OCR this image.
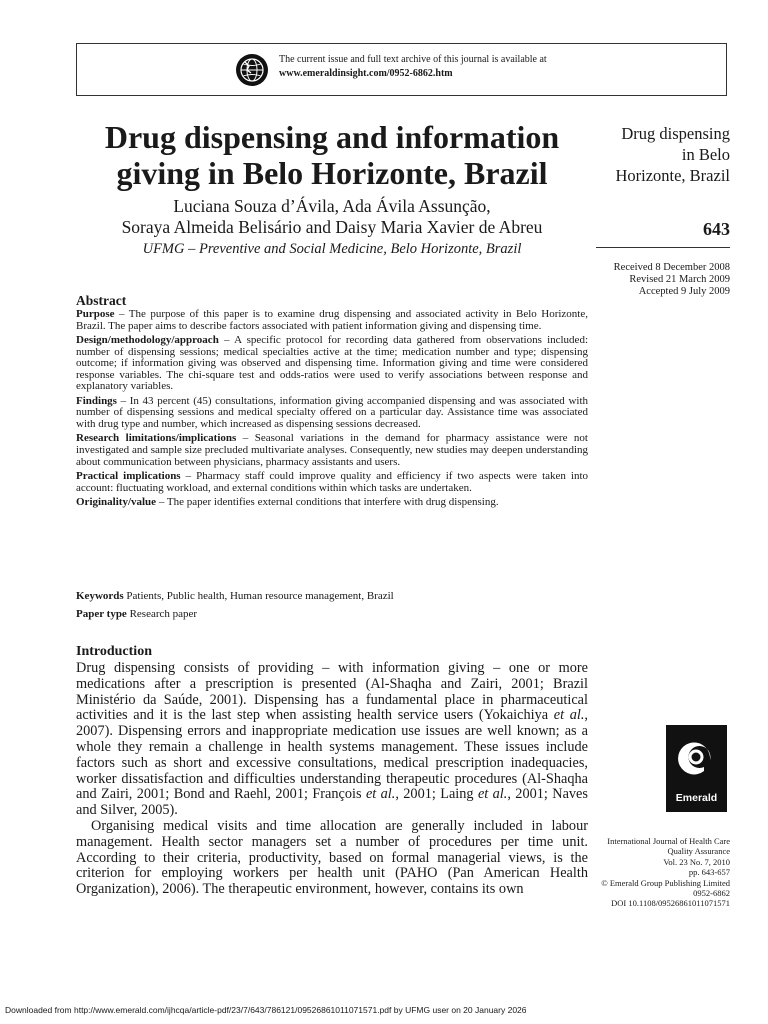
The current issue and full text archive of this journal is available at
www.emeraldinsight.com/0952-6862.htm
Drug dispensing and information
giving in Belo Horizonte, Brazil
Luciana Souza d’Ávila, Ada Ávila Assunção,
Soraya Almeida Belisário and Daisy Maria Xavier de Abreu
UFMG – Preventive and Social Medicine, Belo Horizonte, Brazil
Drug dispensing
in Belo
Horizonte, Brazil
643
Received 8 December 2008
Revised 21 March 2009
Accepted 9 July 2009
Abstract

Purpose – The purpose of this paper is to examine drug dispensing and associated activity in Belo Horizonte, Brazil. The paper aims to describe factors associated with patient information giving and dispensing time.

Design/methodology/approach – A specific protocol for recording data gathered from observations included: number of dispensing sessions; medical specialties active at the time; medication number and type; dispensing outcome; if information giving was observed and dispensing time. Information giving and time were considered response variables. The chi-square test and odds-ratios were used to verify associations between response and explanatory variables.

Findings – In 43 percent (45) consultations, information giving accompanied dispensing and was associated with number of dispensing sessions and medical specialty offered on a particular day. Assistance time was associated with drug type and number, which increased as dispensing sessions decreased.

Research limitations/implications – Seasonal variations in the demand for pharmacy assistance were not investigated and sample size precluded multivariate analyses. Consequently, new studies may deepen understanding about communication between physicians, pharmacy assistants and users.

Practical implications – Pharmacy staff could improve quality and efficiency if two aspects were taken into account: fluctuating workload, and external conditions within which tasks are undertaken.

Originality/value – The paper identifies external conditions that interfere with drug dispensing.

Keywords Patients, Public health, Human resource management, Brazil

Paper type Research paper

Introduction

Drug dispensing consists of providing – with information giving – one or more medications after a prescription is presented (Al-Shaqha and Zairi, 2001; Brazil Ministério da Saúde, 2001). Dispensing has a fundamental place in pharmaceutical activities and it is the last step when assisting health service users (Yokaichiya et al., 2007). Dispensing errors and inappropriate medication use issues are well known; as a whole they remain a challenge in health systems management. These issues include factors such as short and excessive consultations, medical prescription inadequacies, worker dissatisfaction and difficulties understanding therapeutic procedures (Al-Shaqha and Zairi, 2001; Bond and Raehl, 2001; François et al., 2001; Laing et al., 2001; Naves and Silver, 2005).

Organising medical visits and time allocation are generally included in labour management. Health sector managers set a number of procedures per time unit. According to their criteria, productivity, based on formal managerial views, is the criterion for employing workers per health unit (PAHO (Pan American Health Organization), 2006). The therapeutic environment, however, contains its own

Emerald
International Journal of Health Care
Quality Assurance
Vol. 23 No. 7, 2010
pp. 643-657
© Emerald Group Publishing Limited
0952-6862
DOI 10.1108/09526861011071571
Downloaded from http://www.emerald.com/ijhcqa/article-pdf/23/7/643/786121/09526861011071571.pdf by UFMG user on 20 January 2026
